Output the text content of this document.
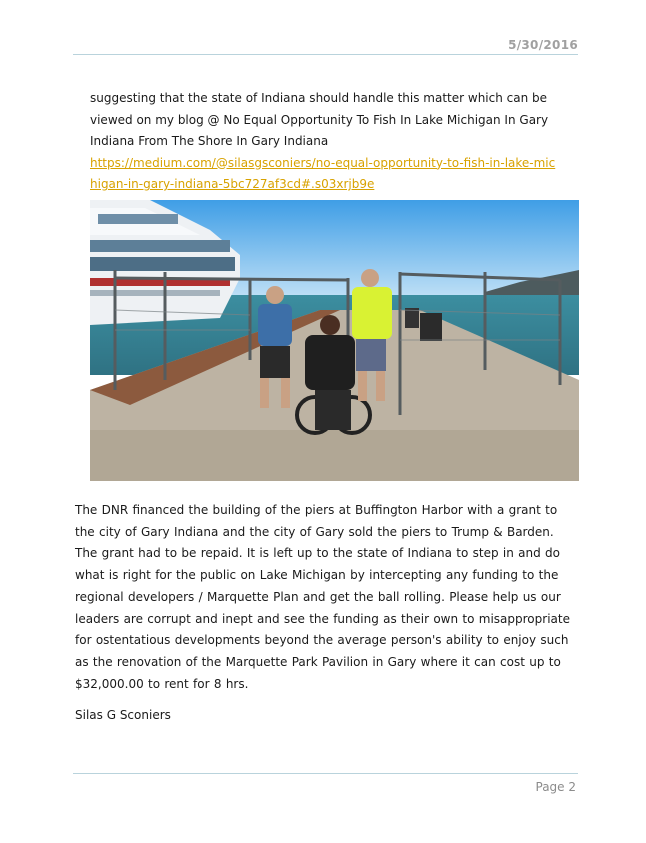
5/30/2016

suggesting that the state of Indiana should handle this matter which can be viewed on my blog @ No Equal Opportunity To Fish In Lake Michigan In Gary Indiana From The Shore In Gary Indiana

https://medium.com/@silasgsconiers/no-equal-opportunity-to-fish-in-lake-michigan-in-gary-indiana-5bc727af3cd#.s03xrjb9e

The DNR financed the building of the piers at Buffington Harbor with a grant to the city of Gary Indiana and the city of Gary sold the piers to Trump & Barden. The grant had to be repaid. It is left up to the state of Indiana to step in and do what is right for the public on Lake Michigan by intercepting any funding to the regional developers / Marquette Plan and get the ball rolling. Please help us our leaders are corrupt and inept and see the funding as their own to misappropriate for ostentatious developments beyond the average person's ability to enjoy such as the renovation of the Marquette Park Pavilion in Gary where it can cost up to $32,000.00 to rent for 8 hrs.

Silas G Sconiers
Page 2
